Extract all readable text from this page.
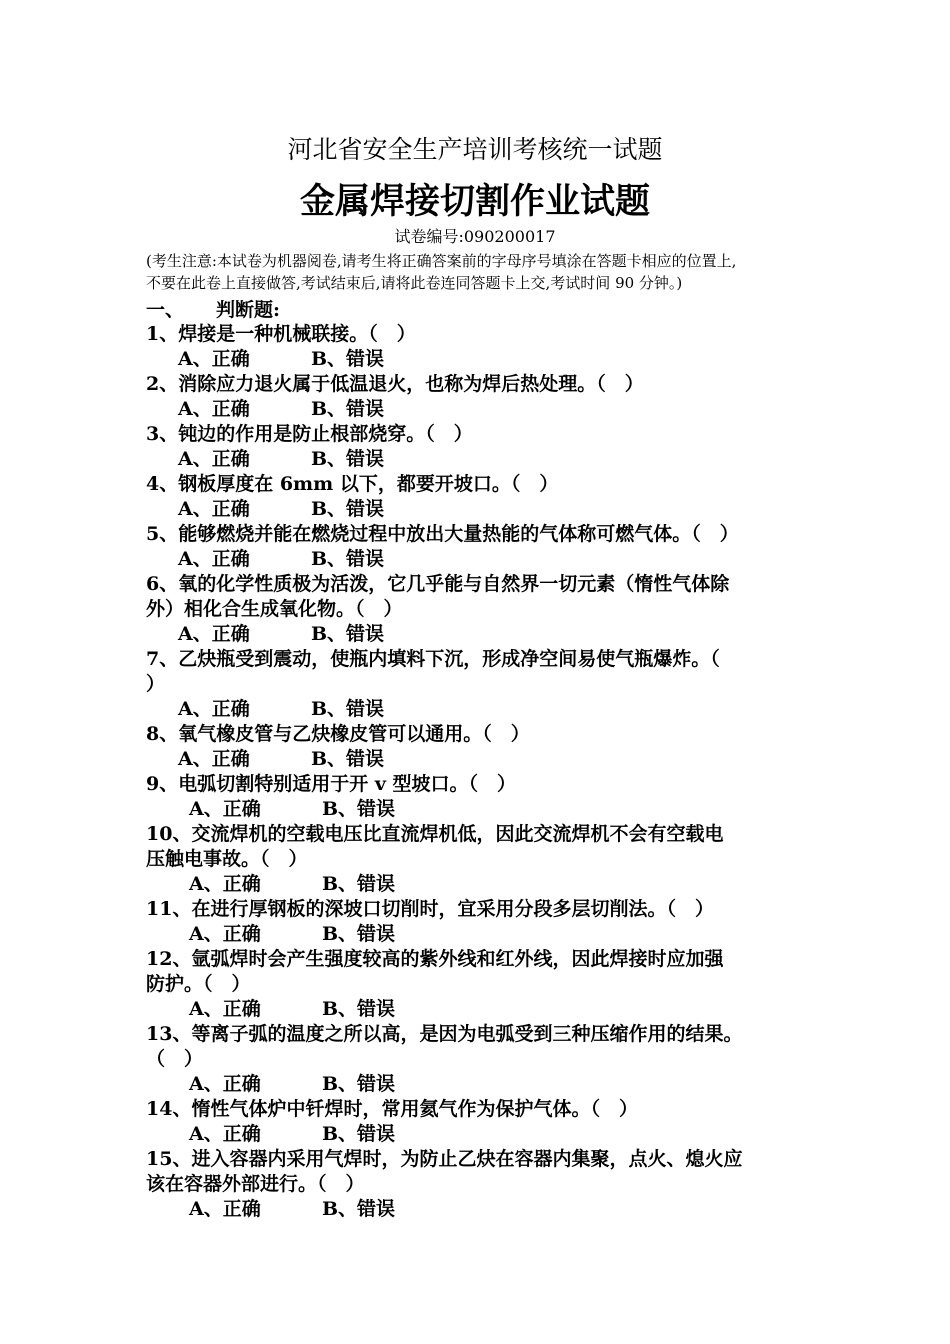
河北省安全生产培训考核统一试题
金属焊接切割作业试题
试卷编号:090200017
(考生注意:本试卷为机器阅卷,请考生将正确答案前的字母序号填涂在答题卡相应的位置上,
不要在此卷上直接做答,考试结束后,请将此卷连同答题卡上交,考试时间 90 分钟。)
一、 判断题:
1、焊接是一种机械联接。（　）
A、正确	B、错误
2、消除应力退火属于低温退火，也称为焊后热处理。（　）
A、正确	B、错误
3、钝边的作用是防止根部烧穿。（　）
A、正确	B、错误
4、钢板厚度在 6mm 以下，都要开坡口。（　）
A、正确	B、错误
5、能够燃烧并能在燃烧过程中放出大量热能的气体称可燃气体。（　）
A、正确	B、错误
6、氧的化学性质极为活泼，它几乎能与自然界一切元素（惰性气体除
外）相化合生成氧化物。（　）
A、正确	B、错误
7、乙炔瓶受到震动，使瓶内填料下沉，形成净空间易使气瓶爆炸。（
）
A、正确	B、错误
8、氧气橡皮管与乙炔橡皮管可以通用。（　）
A、正确	B、错误
9、电弧切割特别适用于开 v 型坡口。（　）
A、正确	B、错误
10、交流焊机的空载电压比直流焊机低，因此交流焊机不会有空载电
压触电事故。（　）
A、正确	B、错误
11、在进行厚钢板的深坡口切削时，宜采用分段多层切削法。（　）
A、正确	B、错误
12、氩弧焊时会产生强度较高的紫外线和红外线，因此焊接时应加强
防护。（　）
A、正确	B、错误
13、等离子弧的温度之所以高，是因为电弧受到三种压缩作用的结果。
（　）
A、正确	B、错误
14、惰性气体炉中钎焊时，常用氦气作为保护气体。（　）
A、正确	B、错误
15、进入容器内采用气焊时，为防止乙炔在容器内集聚，点火、熄火应
该在容器外部进行。（　）
A、正确	B、错误
